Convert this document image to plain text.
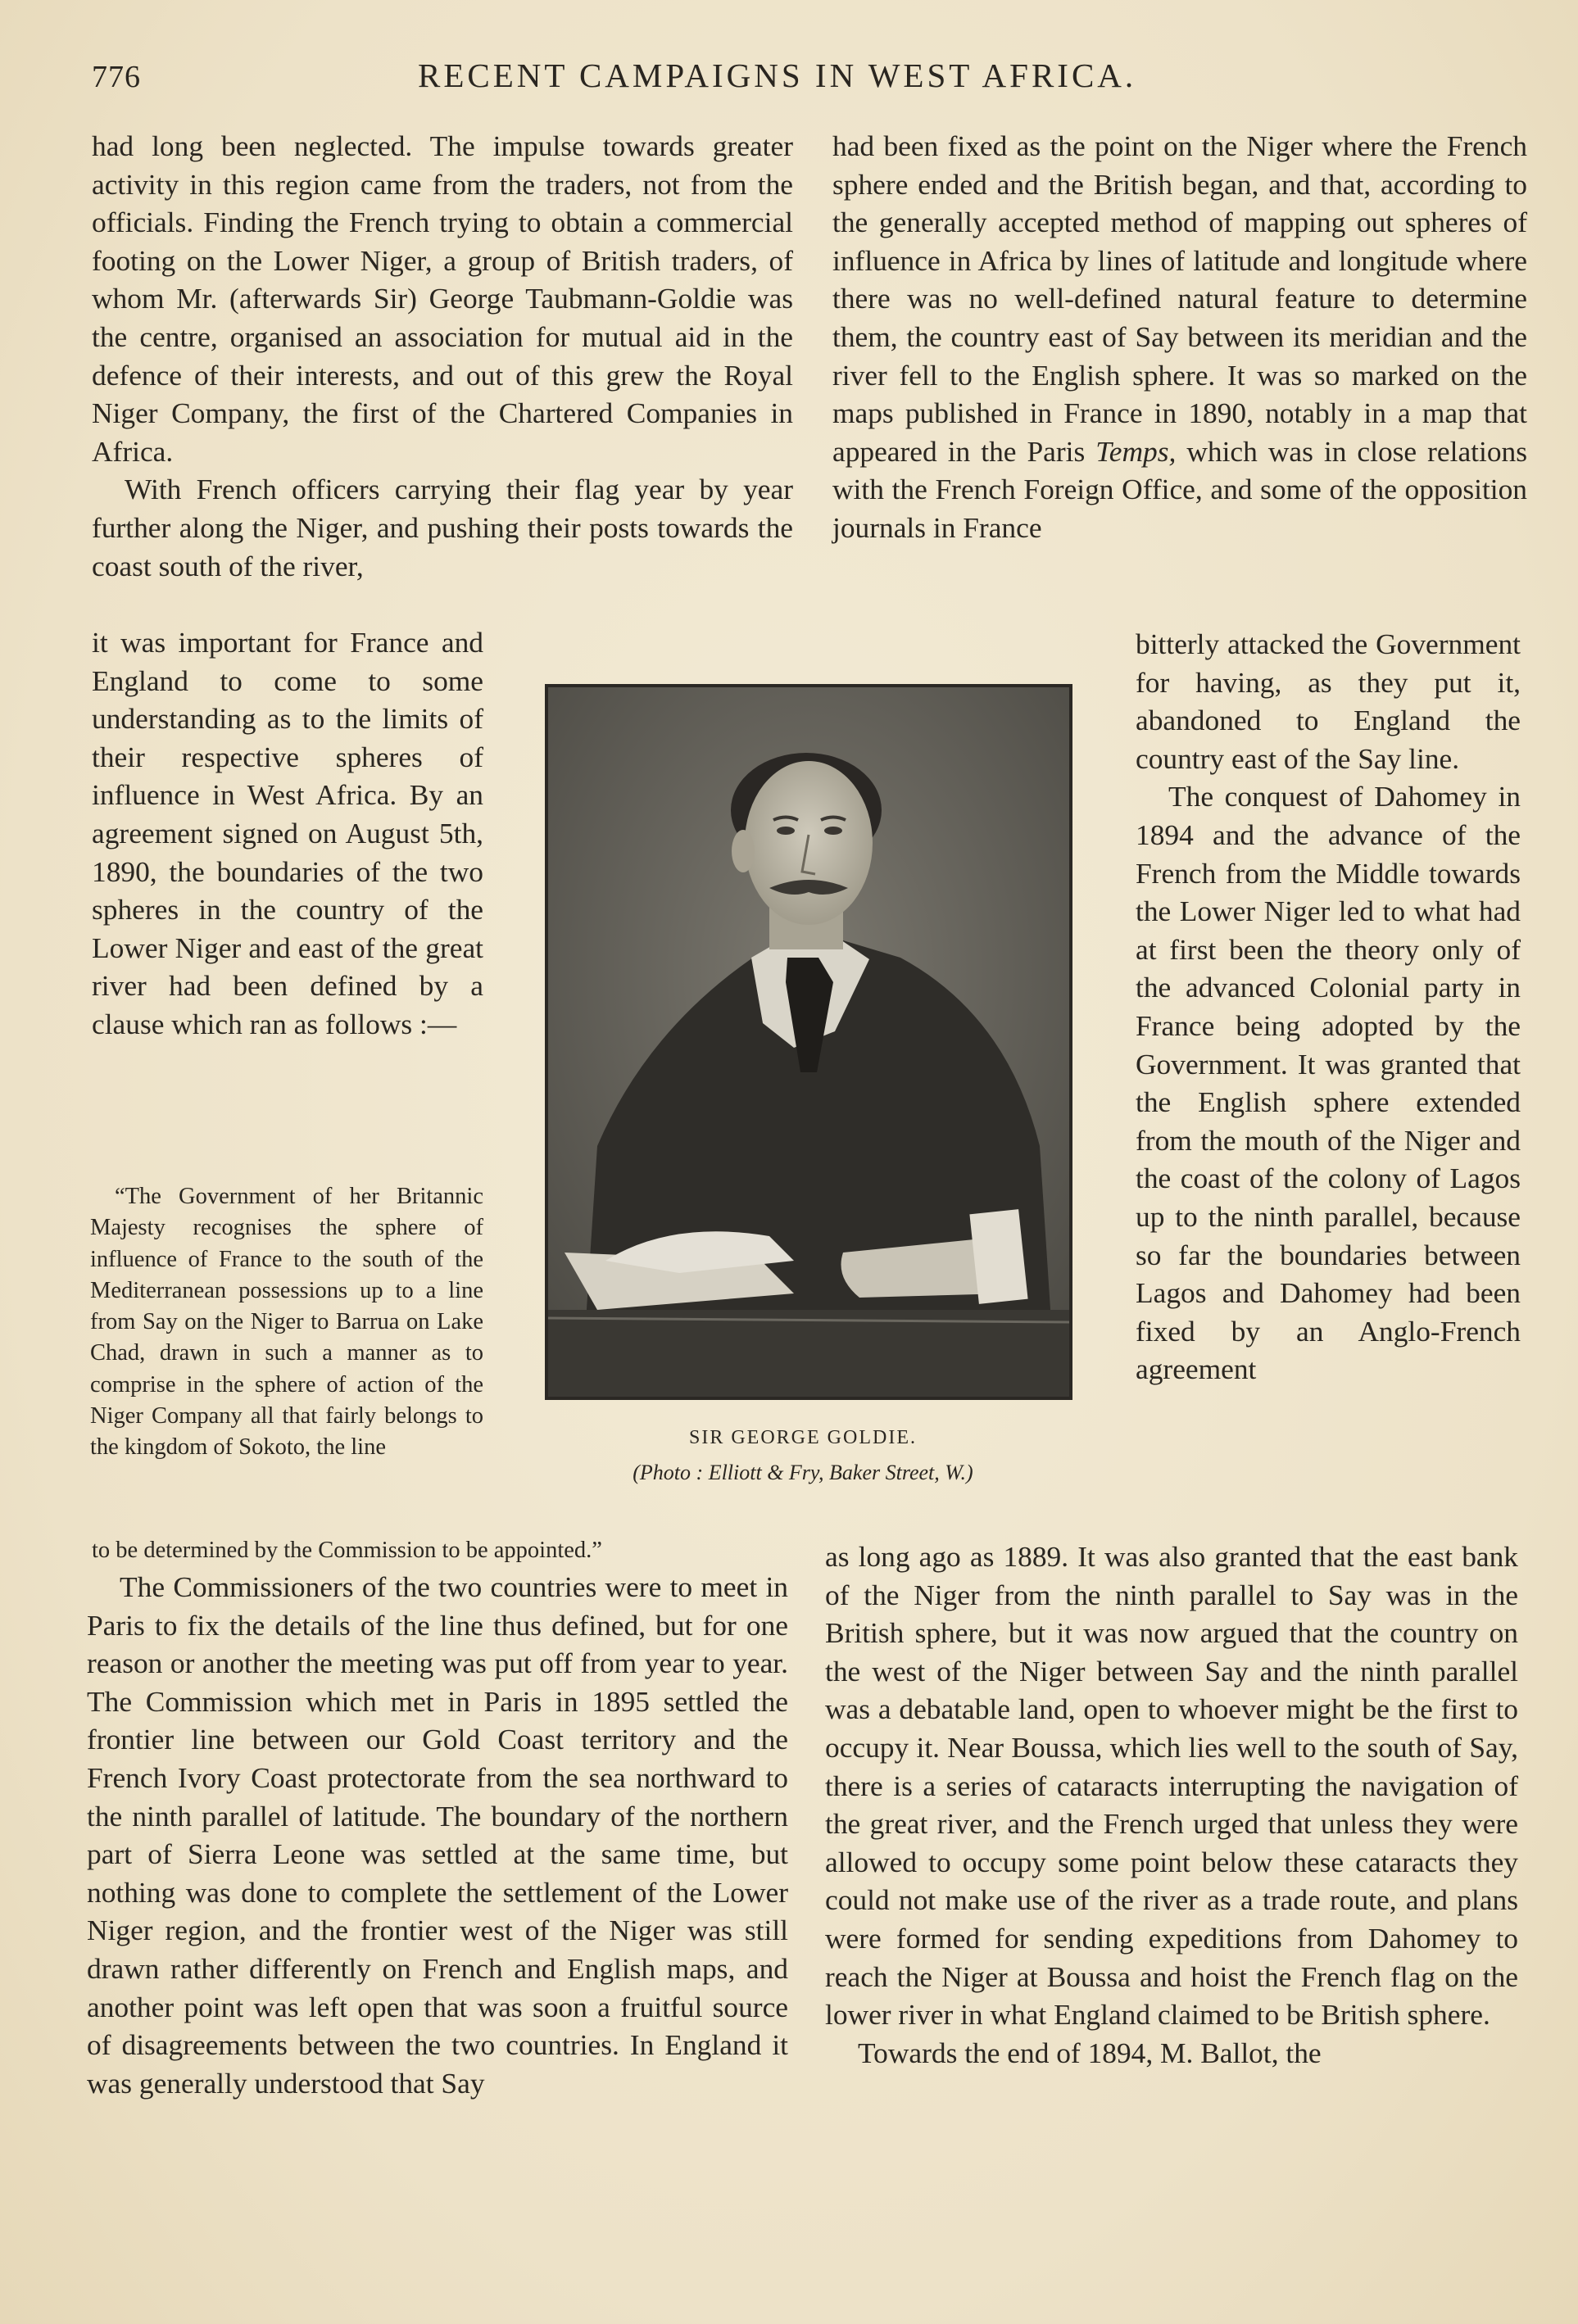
776	RECENT CAMPAIGNS IN WEST AFRICA.

had long been neglected. The impulse towards greater activity in this region came from the traders, not from the officials. Finding the French trying to obtain a commercial footing on the Lower Niger, a group of British traders, of whom Mr. (afterwards Sir) George Taubmann-Goldie was the centre, organised an association for mutual aid in the defence of their interests, and out of this grew the Royal Niger Company, the first of the Chartered Companies in Africa.

With French officers carrying their flag year by year further along the Niger, and pushing their posts towards the coast south of the river,

it was important for France and England to come to some understanding as to the limits of their respective spheres of influence in West Africa. By an agreement signed on August 5th, 1890, the boundaries of the two spheres in the country of the Lower Niger and east of the great river had been defined by a clause which ran as follows :—

“The Government of her Britannic Majesty recognises the sphere of influence of France to the south of the Mediterranean possessions up to a line from Say on the Niger to Barrua on Lake Chad, drawn in such a manner as to comprise in the sphere of action of the Niger Company all that fairly belongs to the kingdom of Sokoto, the line

to be determined by the Commission to be appointed.”

The Commissioners of the two countries were to meet in Paris to fix the details of the line thus defined, but for one reason or another the meeting was put off from year to year. The Commission which met in Paris in 1895 settled the frontier line between our Gold Coast territory and the French Ivory Coast protectorate from the sea northward to the ninth parallel of latitude. The boundary of the northern part of Sierra Leone was settled at the same time, but nothing was done to complete the settlement of the Lower Niger region, and the frontier west of the Niger was still drawn rather differently on French and English maps, and another point was left open that was soon a fruitful source of disagreements between the two countries. In England it was generally understood that Say

SIR GEORGE GOLDIE.
(Photo : Elliott & Fry, Baker Street, W.)

had been fixed as the point on the Niger where the French sphere ended and the British began, and that, according to the generally accepted method of mapping out spheres of influence in Africa by lines of latitude and longitude where there was no well-defined natural feature to determine them, the country east of Say between its meridian and the river fell to the English sphere. It was so marked on the maps published in France in 1890, notably in a map that appeared in the Paris Temps, which was in close relations with the French Foreign Office, and some of the opposition journals in France

bitterly attacked the Government for having, as they put it, abandoned to England the country east of the Say line.

The conquest of Dahomey in 1894 and the advance of the French from the Middle towards the Lower Niger led to what had at first been the theory only of the advanced Colonial party in France being adopted by the Government. It was granted that the English sphere extended from the mouth of the Niger and the coast of the colony of Lagos up to the ninth parallel, because so far the boundaries between Lagos and Dahomey had been fixed by an Anglo-French agreement

as long ago as 1889. It was also granted that the east bank of the Niger from the ninth parallel to Say was in the British sphere, but it was now argued that the country on the west of the Niger between Say and the ninth parallel was a debatable land, open to whoever might be the first to occupy it. Near Boussa, which lies well to the south of Say, there is a series of cataracts interrupting the navigation of the great river, and the French urged that unless they were allowed to occupy some point below these cataracts they could not make use of the river as a trade route, and plans were formed for sending expeditions from Dahomey to reach the Niger at Boussa and hoist the French flag on the lower river in what England claimed to be British sphere.

Towards the end of 1894, M. Ballot, the
